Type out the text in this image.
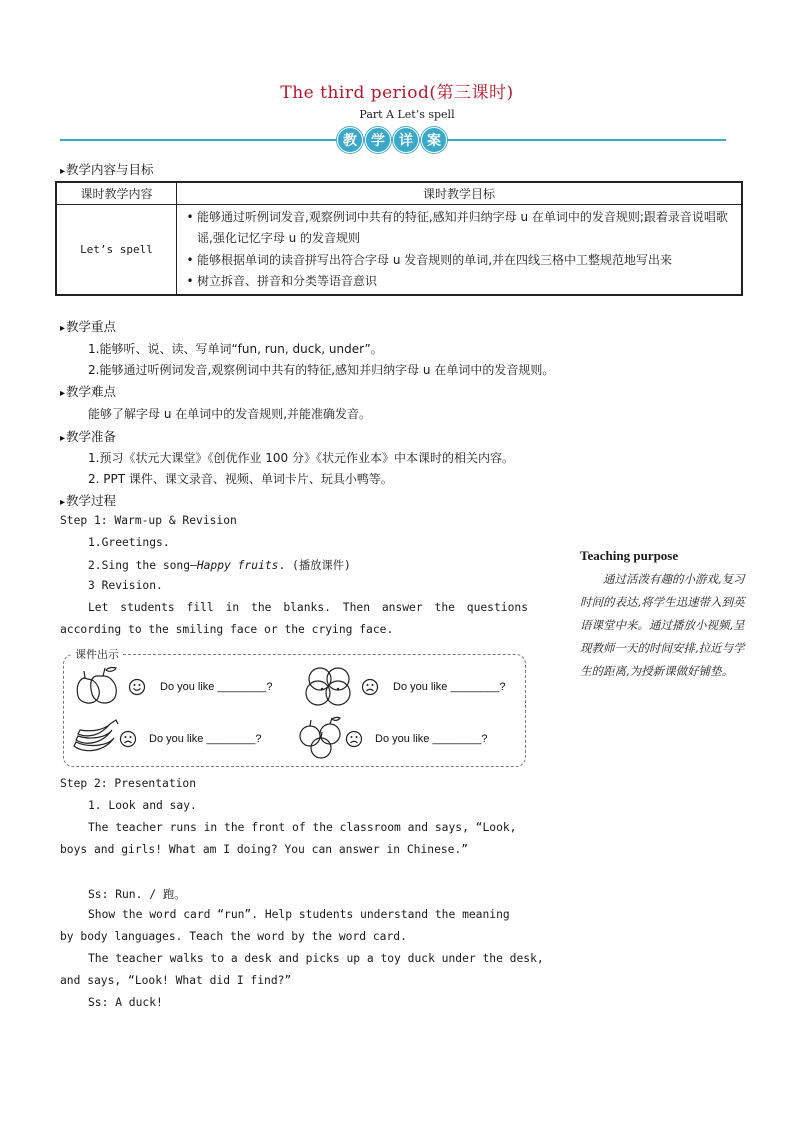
The third period(第三课时)
Part A Let’s spell
教	学	详	案
▸ 教学内容与目标
课时教学内容	课时教学目标
Let’s spell	• 能够通过听例词发音,观察例词中共有的特征,感知并归纳字母 u 在单词中的发音规则;跟着录音说唱歌谣,强化记忆字母 u 的发音规则
• 能够根据单词的读音拼写出符合字母 u 发音规则的单词,并在四线三格中工整规范地写出来
• 树立拆音、拼音和分类等语音意识
▸ 教学重点
1.能够听、说、读、写单词“fun, run, duck, under”。
2.能够通过听例词发音,观察例词中共有的特征,感知并归纳字母 u 在单词中的发音规则。
▸ 教学难点
能够了解字母 u 在单词中的发音规则,并能准确发音。
▸ 教学准备
1.预习《状元大课堂》《创优作业 100 分》《状元作业本》中本课时的相关内容。
2. PPT 课件、课文录音、视频、单词卡片、玩具小鸭等。
▸ 教学过程
Step 1: Warm-up & Revision
1.Greetings.
2.Sing the song—Happy fruits. (播放课件)
3 Revision.
Let students fill in the blanks. Then answer the questions
according to the smiling face or the crying face.
课件出示
Do you like ________?	Do you like ________?
Do you like ________?	Do you like ________?
Step 2: Presentation
1. Look and say.
The teacher runs in the front of the classroom and says, “Look,
boys and girls! What am I doing? You can answer in Chinese.”
Ss: Run. / 跑。
Show the word card “run”. Help students understand the meaning
by body languages. Teach the word by the word card.
The teacher walks to a desk and picks up a toy duck under the desk,
and says, “Look! What did I find?”
Ss: A duck!
Teaching purpose
通过活泼有趣的小游戏,复习时间的表达,将学生迅速带入到英语课堂中来。通过播放小视频,呈现教师一天的时间安排,拉近与学生的距离,为授新课做好铺垫。
